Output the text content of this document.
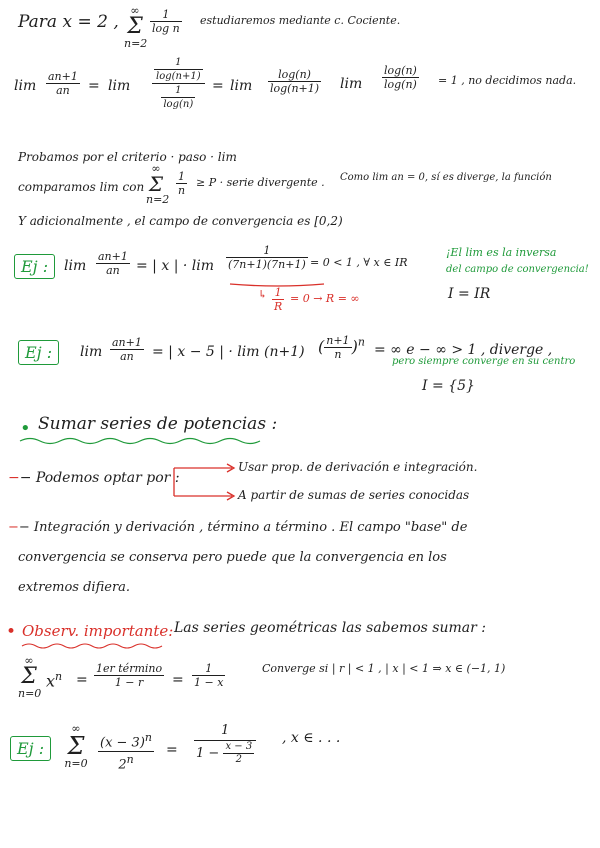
Para x = 2 ,
∞
Σ
n=2
$\frac{1}{\text{log n}}$ estudiaremos mediante c. Cociente.
$\lim \frac{an+1}{an} = \lim \frac{\frac{1}{\log(n+1)}}{\frac{1}{\log(n)}} = \lim \frac{\log(n)}{\log(n+1)}$ $\lim \frac{\log(n)}{\log(n)} = 1$ , no decidimos nada.
Probamos por el criterio · paso · lim
comparamos lim con
∞
Σ
n=2
$\frac{1}{n} \ge P$ · serie divergente . Como lim an = 0, sí es diverge, la función
Y adicionalmente , el campo de convergencia es [0,2)
Ej :	$\lim \frac{an+1}{an}$ = | x | · $\lim \frac{1}{(7n+1)(7n+1)} = 0 < 1$ , ∀ x ∈ IR
↳ $\frac{1}{R} = 0 \to R$ = ∞
¡El lim es la inversa
del campo de convergencia!
I = IR
Ej :	$\lim \frac{an+1}{an}$ = | x − 5 | · lim (n+1) ( $\frac{n+1}{n} )^n$ = ∞ e − ∞ > 1 , diverge ,
pero siempre converge en su centro
I = {5}
• Sumar series de potencias :
−− Podemos optar por :
Usar prop. de derivación e integración.
A partir de sumas de series conocidas
−− Integración y derivación , término a término . El campo "base" de
convergencia se conserva pero puede que la convergencia en los
extremos difiera.
• Observ. importante: Las series geométricas las sabemos sumar :
∞
Σ
n=0
$x^n = \frac{\text{1er término}}{1 - r} = \frac{1}{1 - x}$	Converge si | r | < 1 , | x | < 1 ⇒ x ∈ (−1, 1)
Ej :
∞
Σ
$n=0 \frac{(x - 3)^n}{2^n} = \frac{1}{1 - \frac{x - 3}{2}}$ , x ∈ . . .
